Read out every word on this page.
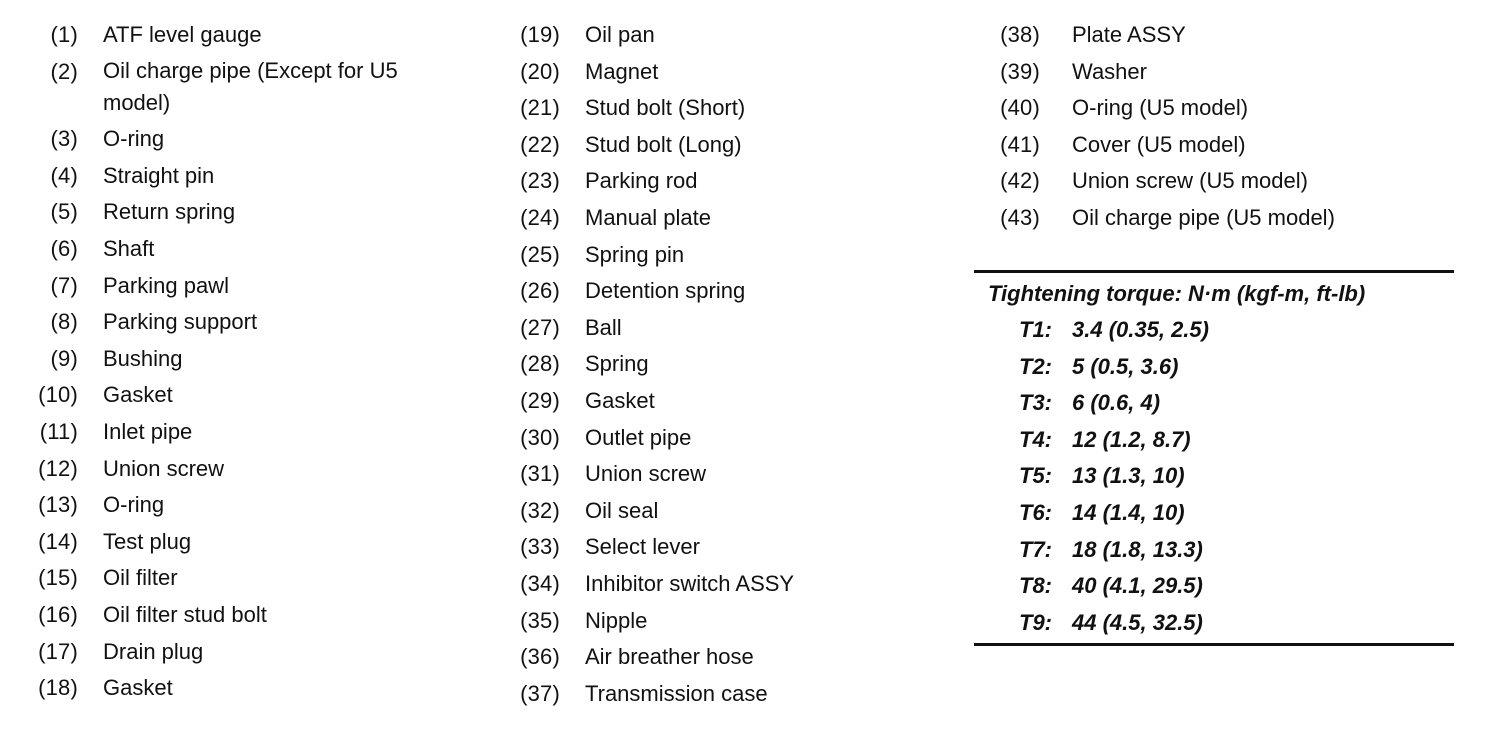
(1) ATF level gauge
(2) Oil charge pipe (Except for U5 model)
(3) O-ring
(4) Straight pin
(5) Return spring
(6) Shaft
(7) Parking pawl
(8) Parking support
(9) Bushing
(10) Gasket
(11) Inlet pipe
(12) Union screw
(13) O-ring
(14) Test plug
(15) Oil filter
(16) Oil filter stud bolt
(17) Drain plug
(18) Gasket
(19) Oil pan
(20) Magnet
(21) Stud bolt (Short)
(22) Stud bolt (Long)
(23) Parking rod
(24) Manual plate
(25) Spring pin
(26) Detention spring
(27) Ball
(28) Spring
(29) Gasket
(30) Outlet pipe
(31) Union screw
(32) Oil seal
(33) Select lever
(34) Inhibitor switch ASSY
(35) Nipple
(36) Air breather hose
(37) Transmission case
(38) Plate ASSY
(39) Washer
(40) O-ring (U5 model)
(41) Cover (U5 model)
(42) Union screw (U5 model)
(43) Oil charge pipe (U5 model)
Tightening torque: N·m (kgf-m, ft-lb)
T1: 3.4 (0.35, 2.5)
T2: 5 (0.5, 3.6)
T3: 6 (0.6, 4)
T4: 12 (1.2, 8.7)
T5: 13 (1.3, 10)
T6: 14 (1.4, 10)
T7: 18 (1.8, 13.3)
T8: 40 (4.1, 29.5)
T9: 44 (4.5, 32.5)
